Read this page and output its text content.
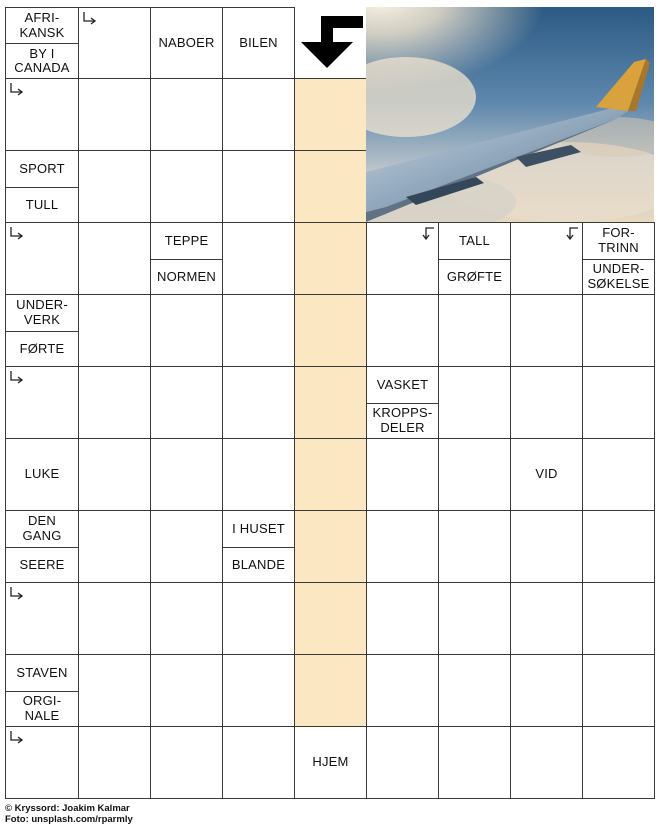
AFRI-
KANSK
BY I
CANADA
NABOER	BILEN
SPORT
TULL
TEPPE
NORMEN
TALL
GRØFTE
FOR-
TRINN
UNDER-
SØKELSE
UNDER-
VERK
FØRTE
VASKET
KROPPS-
DELER
LUKE	VID
DEN
GANG
SEERE
I HUSET
BLANDE
STAVEN
ORGI-
NALE
HJEM
© Kryssord: Joakim Kalmar
Foto: unsplash.com/rparmly
